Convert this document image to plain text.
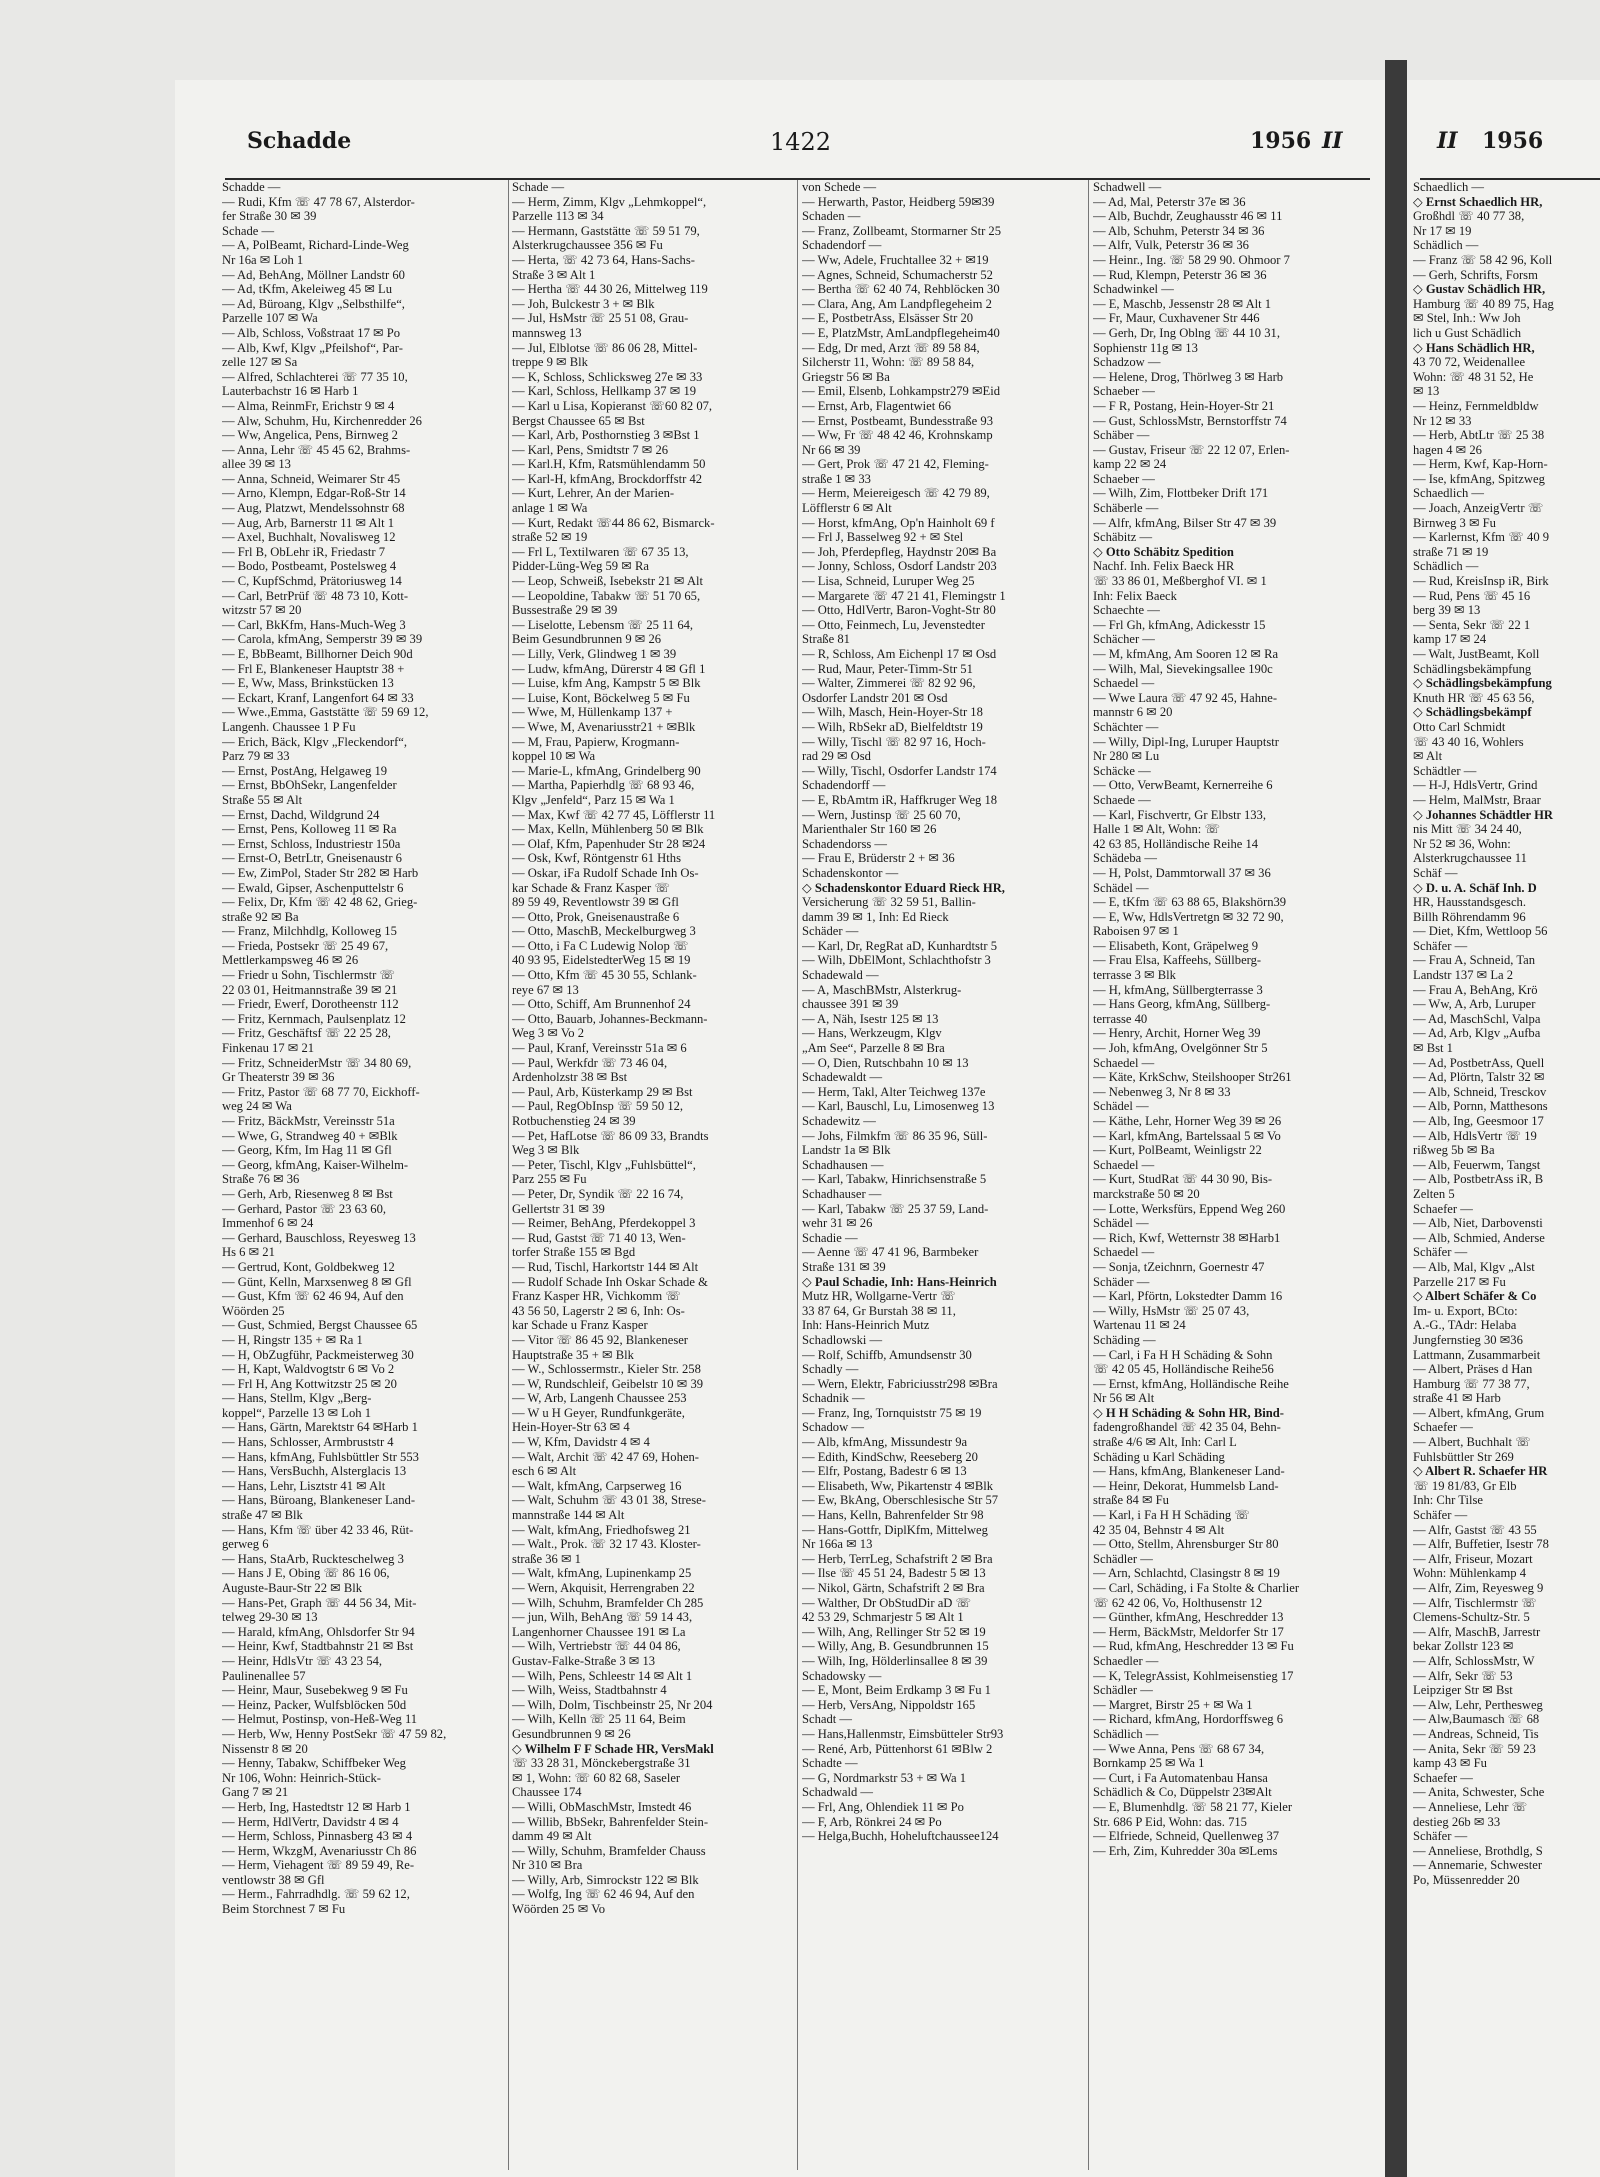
Schadde	1422	1956 II	II 1956
Schadde —
— Rudi, Kfm ☏ 47 78 67, Alsterdor-
fer Straße 30 ✉ 39
Schade —
— A, PolBeamt, Richard-Linde-Weg
Nr 16a ✉ Loh 1
— Ad, BehAng, Möllner Landstr 60
— Ad, tKfm, Akeleiweg 45 ✉ Lu
— Ad, Büroang, Klgv „Selbsthilfe“,
Parzelle 107 ✉ Wa
— Alb, Schloss, Voßstraat 17 ✉ Po
— Alb, Kwf, Klgv „Pfeilshof“, Par-
zelle 127 ✉ Sa
— Alfred, Schlachterei ☏ 77 35 10,
Lauterbachstr 16 ✉ Harb 1
— Alma, ReinmFr, Erichstr 9 ✉ 4
— Alw, Schuhm, Hu, Kirchenredder 26
— Ww, Angelica, Pens, Birnweg 2
— Anna, Lehr ☏ 45 45 62, Brahms-
allee 39 ✉ 13
— Anna, Schneid, Weimarer Str 45
— Arno, Klempn, Edgar-Roß-Str 14
— Aug, Platzwt, Mendelssohnstr 68
— Aug, Arb, Barnerstr 11 ✉ Alt 1
— Axel, Buchhalt, Novalisweg 12
— Frl B, ObLehr iR, Friedastr 7
— Bodo, Postbeamt, Postelsweg 4
— C, KupfSchmd, Prätoriusweg 14
— Carl, BetrPrüf ☏ 48 73 10, Kott-
witzstr 57 ✉ 20
— Carl, BkKfm, Hans-Much-Weg 3
— Carola, kfmAng, Semperstr 39 ✉ 39
— E, BbBeamt, Billhorner Deich 90d
— Frl E, Blankeneser Hauptstr 38 +
— E, Ww, Mass, Brinkstücken 13
— Eckart, Kranf, Langenfort 64 ✉ 33
— Wwe.,Emma, Gaststätte ☏ 59 69 12,
Langenh. Chaussee 1 P Fu
— Erich, Bäck, Klgv „Fleckendorf“,
Parz 79 ✉ 33
— Ernst, PostAng, Helgaweg 19
— Ernst, BbOhSekr, Langenfelder
Straße 55 ✉ Alt
— Ernst, Dachd, Wildgrund 24
— Ernst, Pens, Kolloweg 11 ✉ Ra
— Ernst, Schloss, Industriestr 150a
— Ernst-O, BetrLtr, Gneisenaustr 6
— Ew, ZimPol, Stader Str 282 ✉ Harb
— Ewald, Gipser, Aschenputtelstr 6
— Felix, Dr, Kfm ☏ 42 48 62, Grieg-
straße 92 ✉ Ba
— Franz, Milchhdlg, Kolloweg 15
— Frieda, Postsekr ☏ 25 49 67,
Mettlerkampsweg 46 ✉ 26
— Friedr u Sohn, Tischlermstr ☏
22 03 01, Heitmannstraße 39 ✉ 21
— Friedr, Ewerf, Dorotheenstr 112
— Fritz, Kernmach, Paulsenplatz 12
— Fritz, Geschäftsf ☏ 22 25 28,
Finkenau 17 ✉ 21
— Fritz, SchneiderMstr ☏ 34 80 69,
Gr Theaterstr 39 ✉ 36
— Fritz, Pastor ☏ 68 77 70, Eickhoff-
weg 24 ✉ Wa
— Fritz, BäckMstr, Vereinsstr 51a
— Wwe, G, Strandweg 40 + ✉Blk
— Georg, Kfm, Im Hag 11 ✉ Gfl
— Georg, kfmAng, Kaiser-Wilhelm-
Straße 76 ✉ 36
— Gerh, Arb, Riesenweg 8 ✉ Bst
— Gerhard, Pastor ☏ 23 63 60,
Immenhof 6 ✉ 24
— Gerhard, Bauschloss, Reyesweg 13
Hs 6 ✉ 21
— Gertrud, Kont, Goldbekweg 12
— Günt, Kelln, Marxsenweg 8 ✉ Gfl
— Gust, Kfm ☏ 62 46 94, Auf den
Wöörden 25
— Gust, Schmied, Bergst Chaussee 65
— H, Ringstr 135 + ✉ Ra 1
— H, ObZugführ, Packmeisterweg 30
— H, Kapt, Waldvogtstr 6 ✉ Vo 2
— Frl H, Ang Kottwitzstr 25 ✉ 20
— Hans, Stellm, Klgv „Berg-
koppel“, Parzelle 13 ✉ Loh 1
— Hans, Gärtn, Marektstr 64 ✉Harb 1
— Hans, Schlosser, Armbruststr 4
— Hans, kfmAng, Fuhlsbüttler Str 553
— Hans, VersBuchh, Alsterglacis 13
— Hans, Lehr, Lisztstr 41 ✉ Alt
— Hans, Büroang, Blankeneser Land-
straße 47 ✉ Blk
— Hans, Kfm ☏ über 42 33 46, Rüt-
gerweg 6
— Hans, StaArb, Ruckteschelweg 3
— Hans J E, Obing ☏ 86 16 06,
Auguste-Baur-Str 22 ✉ Blk
— Hans-Pet, Graph ☏ 44 56 34, Mit-
telweg 29-30 ✉ 13
— Harald, kfmAng, Ohlsdorfer Str 94
— Heinr, Kwf, Stadtbahnstr 21 ✉ Bst
— Heinr, HdlsVtr ☏ 43 23 54,
Paulinenallee 57
— Heinr, Maur, Susebekweg 9 ✉ Fu
— Heinz, Packer, Wulfsblöcken 50d
— Helmut, Postinsp, von-Heß-Weg 11
— Herb, Ww, Henny PostSekr ☏ 47 59 82,
Nissenstr 8 ✉ 20
— Henny, Tabakw, Schiffbeker Weg
Nr 106, Wohn: Heinrich-Stück-
Gang 7 ✉ 21
— Herb, Ing, Hastedtstr 12 ✉ Harb 1
— Herm, HdlVertr, Davidstr 4 ✉ 4
— Herm, Schloss, Pinnasberg 43 ✉ 4
— Herm, WkzgM, Avenariusstr Ch 86
— Herm, Viehagent ☏ 89 59 49, Re-
ventlowstr 38 ✉ Gfl
— Herm., Fahrradhdlg. ☏ 59 62 12,
Beim Storchnest 7 ✉ Fu
Schade —
— Herm, Zimm, Klgv „Lehmkoppel“,
Parzelle 113 ✉ 34
— Hermann, Gaststätte ☏ 59 51 79,
Alsterkrugchaussee 356 ✉ Fu
— Herta, ☏ 42 73 64, Hans-Sachs-
Straße 3 ✉ Alt 1
— Hertha ☏ 44 30 26, Mittelweg 119
— Joh, Bulckestr 3 + ✉ Blk
— Jul, HsMstr ☏ 25 51 08, Grau-
mannsweg 13
— Jul, Elblotse ☏ 86 06 28, Mittel-
treppe 9 ✉ Blk
— K, Schloss, Schlicksweg 27e ✉ 33
— Karl, Schloss, Hellkamp 37 ✉ 19
— Karl u Lisa, Kopieranst ☏60 82 07,
Bergst Chaussee 65 ✉ Bst
— Karl, Arb, Posthornstieg 3 ✉Bst 1
— Karl, Pens, Smidtstr 7 ✉ 26
— Karl.H, Kfm, Ratsmühlendamm 50
— Karl-H, kfmAng, Brockdorffstr 42
— Kurt, Lehrer, An der Marien-
anlage 1 ✉ Wa
— Kurt, Redakt ☏44 86 62, Bismarck-
straße 52 ✉ 19
— Frl L, Textilwaren ☏ 67 35 13,
Pidder-Lüng-Weg 59 ✉ Ra
— Leop, Schweiß, Isebekstr 21 ✉ Alt
— Leopoldine, Tabakw ☏ 51 70 65,
Bussestraße 29 ✉ 39
— Liselotte, Lebensm ☏ 25 11 64,
Beim Gesundbrunnen 9 ✉ 26
— Lilly, Verk, Glindweg 1 ✉ 39
— Ludw, kfmAng, Dürerstr 4 ✉ Gfl 1
— Luise, kfm Ang, Kampstr 5 ✉ Blk
— Luise, Kont, Böckelweg 5 ✉ Fu
— Wwe, M, Hüllenkamp 137 +
— Wwe, M, Avenariusstr21 + ✉Blk
— M, Frau, Papierw, Krogmann-
koppel 10 ✉ Wa
— Marie-L, kfmAng, Grindelberg 90
— Martha, Papierhdlg ☏ 68 93 46,
Klgv „Jenfeld“, Parz 15 ✉ Wa 1
— Max, Kwf ☏ 42 77 45, Löfflerstr 11
— Max, Kelln, Mühlenberg 50 ✉ Blk
— Olaf, Kfm, Papenhuder Str 28 ✉24
— Osk, Kwf, Röntgenstr 61 Hths
— Oskar, iFa Rudolf Schade Inh Os-
kar Schade & Franz Kasper ☏
89 59 49, Reventlowstr 39 ✉ Gfl
— Otto, Prok, Gneisenaustraße 6
— Otto, MaschB, Meckelburgweg 3
— Otto, i Fa C Ludewig Nolop ☏
40 93 95, EidelstedterWeg 15 ✉ 19
— Otto, Kfm ☏ 45 30 55, Schlank-
reye 67 ✉ 13
— Otto, Schiff, Am Brunnenhof 24
— Otto, Bauarb, Johannes-Beckmann-
Weg 3 ✉ Vo 2
— Paul, Kranf, Vereinsstr 51a ✉ 6
— Paul, Werkfdr ☏ 73 46 04,
Ardenholzstr 38 ✉ Bst
— Paul, Arb, Küsterkamp 29 ✉ Bst
— Paul, RegObInsp ☏ 59 50 12,
Rotbuchenstieg 24 ✉ 39
— Pet, HafLotse ☏ 86 09 33, Brandts
Weg 3 ✉ Blk
— Peter, Tischl, Klgv „Fuhlsbüttel“,
Parz 255 ✉ Fu
— Peter, Dr, Syndik ☏ 22 16 74,
Gellertstr 31 ✉ 39
— Reimer, BehAng, Pferdekoppel 3
— Rud, Gastst ☏ 71 40 13, Wen-
torfer Straße 155 ✉ Bgd
— Rud, Tischl, Harkortstr 144 ✉ Alt
— Rudolf Schade Inh Oskar Schade &
Franz Kasper HR, Vichkomm ☏
43 56 50, Lagerstr 2 ✉ 6, Inh: Os-
kar Schade u Franz Kasper
— Vitor ☏ 86 45 92, Blankeneser
Hauptstraße 35 + ✉ Blk
— W., Schlossermstr., Kieler Str. 258
— W, Rundschleif, Geibelstr 10 ✉ 39
— W, Arb, Langenh Chaussee 253
— W u H Geyer, Rundfunkgeräte,
Hein-Hoyer-Str 63 ✉ 4
— W, Kfm, Davidstr 4 ✉ 4
— Walt, Archit ☏ 42 47 69, Hohen-
esch 6 ✉ Alt
— Walt, kfmAng, Carpserweg 16
— Walt, Schuhm ☏ 43 01 38, Strese-
mannstraße 144 ✉ Alt
— Walt, kfmAng, Friedhofsweg 21
— Walt., Prok. ☏ 32 17 43. Kloster-
straße 36 ✉ 1
— Walt, kfmAng, Lupinenkamp 25
— Wern, Akquisit, Herrengraben 22
— Wilh, Schuhm, Bramfelder Ch 285
— jun, Wilh, BehAng ☏ 59 14 43,
Langenhorner Chaussee 191 ✉ La
— Wilh, Vertriebstr ☏ 44 04 86,
Gustav-Falke-Straße 3 ✉ 13
— Wilh, Pens, Schleestr 14 ✉ Alt 1
— Wilh, Weiss, Stadtbahnstr 4
— Wilh, Dolm, Tischbeinstr 25, Nr 204
— Wilh, Kelln ☏ 25 11 64, Beim
Gesundbrunnen 9 ✉ 26
◇ Wilhelm F F Schade HR, VersMakl
☏ 33 28 31, Mönckebergstraße 31
✉ 1, Wohn: ☏ 60 82 68, Saseler
Chaussee 174
— Willi, ObMaschMstr, Imstedt 46
— Willib, BbSekr, Bahrenfelder Stein-
damm 49 ✉ Alt
— Willy, Schuhm, Bramfelder Chauss
Nr 310 ✉ Bra
— Willy, Arb, Simrockstr 122 ✉ Blk
— Wolfg, Ing ☏ 62 46 94, Auf den
Wöörden 25 ✉ Vo
von Schede —
— Herwarth, Pastor, Heidberg 59✉39
Schaden —
— Franz, Zollbeamt, Stormarner Str 25
Schadendorf —
— Ww, Adele, Fruchtallee 32 + ✉19
— Agnes, Schneid, Schumacherstr 52
— Bertha ☏ 62 40 74, Rehblöcken 30
— Clara, Ang, Am Landpflegeheim 2
— E, PostbetrAss, Elsässer Str 20
— E, PlatzMstr, AmLandpflegeheim40
— Edg, Dr med, Arzt ☏ 89 58 84,
Silcherstr 11, Wohn: ☏ 89 58 84,
Griegstr 56 ✉ Ba
— Emil, Elsenb, Lohkampstr279 ✉Eid
— Ernst, Arb, Flagentwiet 66
— Ernst, Postbeamt, Bundesstraße 93
— Ww, Fr ☏ 48 42 46, Krohnskamp
Nr 66 ✉ 39
— Gert, Prok ☏ 47 21 42, Fleming-
straße 1 ✉ 33
— Herm, Meiereigesch ☏ 42 79 89,
Löfflerstr 6 ✉ Alt
— Horst, kfmAng, Op'n Hainholt 69 f
— Frl J, Basselweg 92 + ✉ Stel
— Joh, Pferdepfleg, Haydnstr 20✉ Ba
— Jonny, Schloss, Osdorf Landstr 203
— Lisa, Schneid, Luruper Weg 25
— Margarete ☏ 47 21 41, Flemingstr 1
— Otto, HdlVertr, Baron-Voght-Str 80
— Otto, Feinmech, Lu, Jevenstedter
Straße 81
— R, Schloss, Am Eichenpl 17 ✉ Osd
— Rud, Maur, Peter-Timm-Str 51
— Walter, Zimmerei ☏ 82 92 96,
Osdorfer Landstr 201 ✉ Osd
— Wilh, Masch, Hein-Hoyer-Str 18
— Wilh, RbSekr aD, Bielfeldtstr 19
— Willy, Tischl ☏ 82 97 16, Hoch-
rad 29 ✉ Osd
— Willy, Tischl, Osdorfer Landstr 174
Schadendorff —
— E, RbAmtm iR, Haffkruger Weg 18
— Wern, Justinsp ☏ 25 60 70,
Marienthaler Str 160 ✉ 26
Schadendorss —
— Frau E, Brüderstr 2 + ✉ 36
Schadenskontor —
◇ Schadenskontor Eduard Rieck HR,
Versicherung ☏ 32 59 51, Ballin-
damm 39 ✉ 1, Inh: Ed Rieck
Schäder —
— Karl, Dr, RegRat aD, Kunhardtstr 5
— Wilh, DbElMont, Schlachthofstr 3
Schadewald —
— A, MaschBMstr, Alsterkrug-
chaussee 391 ✉ 39
— A, Näh, Isestr 125 ✉ 13
— Hans, Werkzeugm, Klgv
„Am See“, Parzelle 8 ✉ Bra
— O, Dien, Rutschbahn 10 ✉ 13
Schadewaldt —
— Herm, Takl, Alter Teichweg 137e
— Karl, Bauschl, Lu, Limosenweg 13
Schadewitz —
— Johs, Filmkfm ☏ 86 35 96, Süll-
Landstr 1a ✉ Blk
Schadhausen —
— Karl, Tabakw, Hinrichsenstraße 5
Schadhauser —
— Karl, Tabakw ☏ 25 37 59, Land-
wehr 31 ✉ 26
Schadie —
— Aenne ☏ 47 41 96, Barmbeker
Straße 131 ✉ 39
◇ Paul Schadie, Inh: Hans-Heinrich
Mutz HR, Wollgarne-Vertr ☏
33 87 64, Gr Burstah 38 ✉ 11,
Inh: Hans-Heinrich Mutz
Schadlowski —
— Rolf, Schiffb, Amundsenstr 30
Schadly —
— Wern, Elektr, Fabriciusstr298 ✉Bra
Schadnik —
— Franz, Ing, Tornquiststr 75 ✉ 19
Schadow —
— Alb, kfmAng, Missundestr 9a
— Edith, KindSchw, Reeseberg 20
— Elfr, Postang, Badestr 6 ✉ 13
— Elisabeth, Ww, Pikartenstr 4 ✉Blk
— Ew, BkAng, Oberschlesische Str 57
— Hans, Kelln, Bahrenfelder Str 98
— Hans-Gottfr, DiplKfm, Mittelweg
Nr 166a ✉ 13
— Herb, TerrLeg, Schafstrift 2 ✉ Bra
— Ilse ☏ 45 51 24, Badestr 5 ✉ 13
— Nikol, Gärtn, Schafstrift 2 ✉ Bra
— Walther, Dr ObStudDir aD ☏
42 53 29, Schmarjestr 5 ✉ Alt 1
— Wilh, Ang, Rellinger Str 52 ✉ 19
— Willy, Ang, B. Gesundbrunnen 15
— Wilh, Ing, Hölderlinsallee 8 ✉ 39
Schadowsky —
— E, Mont, Beim Erdkamp 3 ✉ Fu 1
— Herb, VersAng, Nippoldstr 165
Schadt —
— Hans,Hallenmstr, Eimsbütteler Str93
— René, Arb, Püttenhorst 61 ✉Blw 2
Schadte —
— G, Nordmarkstr 53 + ✉ Wa 1
Schadwald —
— Frl, Ang, Ohlendiek 11 ✉ Po
— F, Arb, Rönkrei 24 ✉ Po
— Helga,Buchh, Hoheluftchaussee124
Schadwell —
— Ad, Mal, Peterstr 37e ✉ 36
— Alb, Buchdr, Zeughausstr 46 ✉ 11
— Alb, Schuhm, Peterstr 34 ✉ 36
— Alfr, Vulk, Peterstr 36 ✉ 36
— Heinr., Ing. ☏ 58 29 90. Ohmoor 7
— Rud, Klempn, Peterstr 36 ✉ 36
Schadwinkel —
— E, Maschb, Jessenstr 28 ✉ Alt 1
— Fr, Maur, Cuxhavener Str 446
— Gerh, Dr, Ing Oblng ☏ 44 10 31,
Sophienstr 11g ✉ 13
Schadzow —
— Helene, Drog, Thörlweg 3 ✉ Harb
Schaeber —
— F R, Postang, Hein-Hoyer-Str 21
— Gust, SchlossMstr, Bernstorffstr 74
Schäber —
— Gustav, Friseur ☏ 22 12 07, Erlen-
kamp 22 ✉ 24
Schaeber —
— Wilh, Zim, Flottbeker Drift 171
Schäberle —
— Alfr, kfmAng, Bilser Str 47 ✉ 39
Schäbitz —
◇ Otto Schäbitz Spedition
Nachf. Inh. Felix Baeck HR
☏ 33 86 01, Meßberghof VI. ✉ 1
Inh: Felix Baeck
Schaechte —
— Frl Gh, kfmAng, Adickesstr 15
Schächer —
— M, kfmAng, Am Sooren 12 ✉ Ra
— Wilh, Mal, Sievekingsallee 190c
Schaedel —
— Wwe Laura ☏ 47 92 45, Hahne-
mannstr 6 ✉ 20
Schächter —
— Willy, Dipl-Ing, Luruper Hauptstr
Nr 280 ✉ Lu
Schäcke —
— Otto, VerwBeamt, Kernerreihe 6
Schaede —
— Karl, Fischvertr, Gr Elbstr 133,
Halle 1 ✉ Alt, Wohn: ☏
42 63 85, Holländische Reihe 14
Schädeba —
— H, Polst, Dammtorwall 37 ✉ 36
Schädel —
— E, tKfm ☏ 63 88 65, Blakshörn39
— E, Ww, HdlsVertretgn ✉ 32 72 90,
Raboisen 97 ✉ 1
— Elisabeth, Kont, Gräpelweg 9
— Frau Elsa, Kaffeehs, Süllberg-
terrasse 3 ✉ Blk
— H, kfmAng, Süllbergterrasse 3
— Hans Georg, kfmAng, Süllberg-
terrasse 40
— Henry, Archit, Horner Weg 39
— Joh, kfmAng, Ovelgönner Str 5
Schaedel —
— Käte, KrkSchw, Steilshooper Str261
— Nebenweg 3, Nr 8 ✉ 33
Schädel —
— Käthe, Lehr, Horner Weg 39 ✉ 26
— Karl, kfmAng, Bartelssaal 5 ✉ Vo
— Kurt, PolBeamt, Weinligstr 22
Schaedel —
— Kurt, StudRat ☏ 44 30 90, Bis-
marckstraße 50 ✉ 20
— Lotte, Werksfürs, Eppend Weg 260
Schädel —
— Rich, Kwf, Wetternstr 38 ✉Harb1
Schaedel —
— Sonja, tZeichnrn, Goernestr 47
Schäder —
— Karl, Pförtn, Lokstedter Damm 16
— Willy, HsMstr ☏ 25 07 43,
Wartenau 11 ✉ 24
Schäding —
— Carl, i Fa H H Schäding & Sohn
☏ 42 05 45, Holländische Reihe56
— Ernst, kfmAng, Holländische Reihe
Nr 56 ✉ Alt
◇ H H Schäding & Sohn HR, Bind-
fadengroßhandel ☏ 42 35 04, Behn-
straße 4/6 ✉ Alt, Inh: Carl L
Schäding u Karl Schäding
— Hans, kfmAng, Blankeneser Land-
— Heinr, Dekorat, Hummelsb Land-
straße 84 ✉ Fu
— Karl, i Fa H H Schäding ☏
42 35 04, Behnstr 4 ✉ Alt
— Otto, Stellm, Ahrensburger Str 80
Schädler —
— Arn, Schlachtd, Clasingstr 8 ✉ 19
— Carl, Schäding, i Fa Stolte & Charlier
☏ 62 42 06, Vo, Holthusenstr 12
— Günther, kfmAng, Heschredder 13
— Herm, BäckMstr, Meldorfer Str 17
— Rud, kfmAng, Heschredder 13 ✉ Fu
Schaedler —
— K, TelegrAssist, Kohlmeisenstieg 17
Schädler —
— Margret, Birstr 25 + ✉ Wa 1
— Richard, kfmAng, Hordorffsweg 6
Schädlich —
— Wwe Anna, Pens ☏ 68 67 34,
Bornkamp 25 ✉ Wa 1
— Curt, i Fa Automatenbau Hansa
Schädlich & Co, Düppelstr 23✉Alt
— E, Blumenhdlg. ☏ 58 21 77, Kieler
Str. 686 P Eid, Wohn: das. 715
— Elfriede, Schneid, Quellenweg 37
— Erh, Zim, Kuhredder 30a ✉Lems
Schaedlich —
◇ Ernst Schaedlich HR,
Großhdl ☏ 40 77 38,
Nr 17 ✉ 19
Schädlich —
— Franz ☏ 58 42 96, Koll
— Gerh, Schrifts, Forsm
◇ Gustav Schädlich HR,
Hamburg ☏ 40 89 75, Hag
✉ Stel, Inh.: Ww Joh
lich u Gust Schädlich
◇ Hans Schädlich HR,
43 70 72, Weidenallee
Wohn: ☏ 48 31 52, He
✉ 13
— Heinz, Fernmeldbldw
Nr 12 ✉ 33
— Herb, AbtLtr ☏ 25 38
hagen 4 ✉ 26
— Herm, Kwf, Kap-Horn-
— Ise, kfmAng, Spitzweg
Schaedlich —
— Joach, AnzeigVertr ☏
Birnweg 3 ✉ Fu
— Karlernst, Kfm ☏ 40 9
straße 71 ✉ 19
Schädlich —
— Rud, KreisInsp iR, Birk
— Rud, Pens ☏ 45 16
berg 39 ✉ 13
— Senta, Sekr ☏ 22 1
kamp 17 ✉ 24
— Walt, JustBeamt, Koll
Schädlingsbekämpfung
◇ Schädlingsbekämpfung
Knuth HR ☏ 45 63 56,
◇ Schädlingsbekämpf
Otto Carl Schmidt
☏ 43 40 16, Wohlers
✉ Alt
Schädtler —
— H-J, HdlsVertr, Grind
— Helm, MalMstr, Braar
◇ Johannes Schädtler HR
nis Mitt ☏ 34 24 40,
Nr 52 ✉ 36, Wohn:
Alsterkrugchaussee 11
Schäf —
◇ D. u. A. Schäf Inh. D
HR, Hausstandsgesch.
Billh Röhrendamm 96
— Diet, Kfm, Wettloop 56
Schäfer —
— Frau A, Schneid, Tan
Landstr 137 ✉ La 2
— Frau A, BehAng, Krö
— Ww, A, Arb, Luruper
— Ad, MaschSchl, Valpa
— Ad, Arb, Klgv „Aufba
✉ Bst 1
— Ad, PostbetrAss, Quell
— Ad, Plörtn, Talstr 32 ✉
— Alb, Schneid, Tresckov
— Alb, Pornn, Matthesons
— Alb, Ing, Geesmoor 17
— Alb, HdlsVertr ☏ 19
rißweg 5b ✉ Ba
— Alb, Feuerwm, Tangst
— Alb, PostbetrAss iR, B
Zelten 5
Schaefer —
— Alb, Niet, Darbovensti
— Alb, Schmied, Anderse
Schäfer —
— Alb, Mal, Klgv „Alst
Parzelle 217 ✉ Fu
◇ Albert Schäfer & Co
Im- u. Export, BCto:
A.-G., TAdr: Helaba
Jungfernstieg 30 ✉36
Lattmann, Zusammarbeit
— Albert, Präses d Han
Hamburg ☏ 77 38 77,
straße 41 ✉ Harb
— Albert, kfmAng, Grum
Schaefer —
— Albert, Buchhalt ☏
Fuhlsbüttler Str 269
◇ Albert R. Schaefer HR
☏ 19 81/83, Gr Elb
Inh: Chr Tilse
Schäfer —
— Alfr, Gastst ☏ 43 55
— Alfr, Buffetier, Isestr 78
— Alfr, Friseur, Mozart
Wohn: Mühlenkamp 4
— Alfr, Zim, Reyesweg 9
— Alfr, Tischlermstr ☏
Clemens-Schultz-Str. 5
— Alfr, MaschB, Jarrestr
bekar Zollstr 123 ✉
— Alfr, SchlossMstr, W
— Alfr, Sekr ☏ 53
Leipziger Str ✉ Bst
— Alw, Lehr, Perthesweg
— Alw,Baumasch ☏ 68
— Andreas, Schneid, Tis
— Anita, Sekr ☏ 59 23
kamp 43 ✉ Fu
Schaefer —
— Anita, Schwester, Sche
— Anneliese, Lehr ☏
destieg 26b ✉ 33
Schäfer —
— Anneliese, Brothdlg, S
— Annemarie, Schwester
Po, Müssenredder 20
